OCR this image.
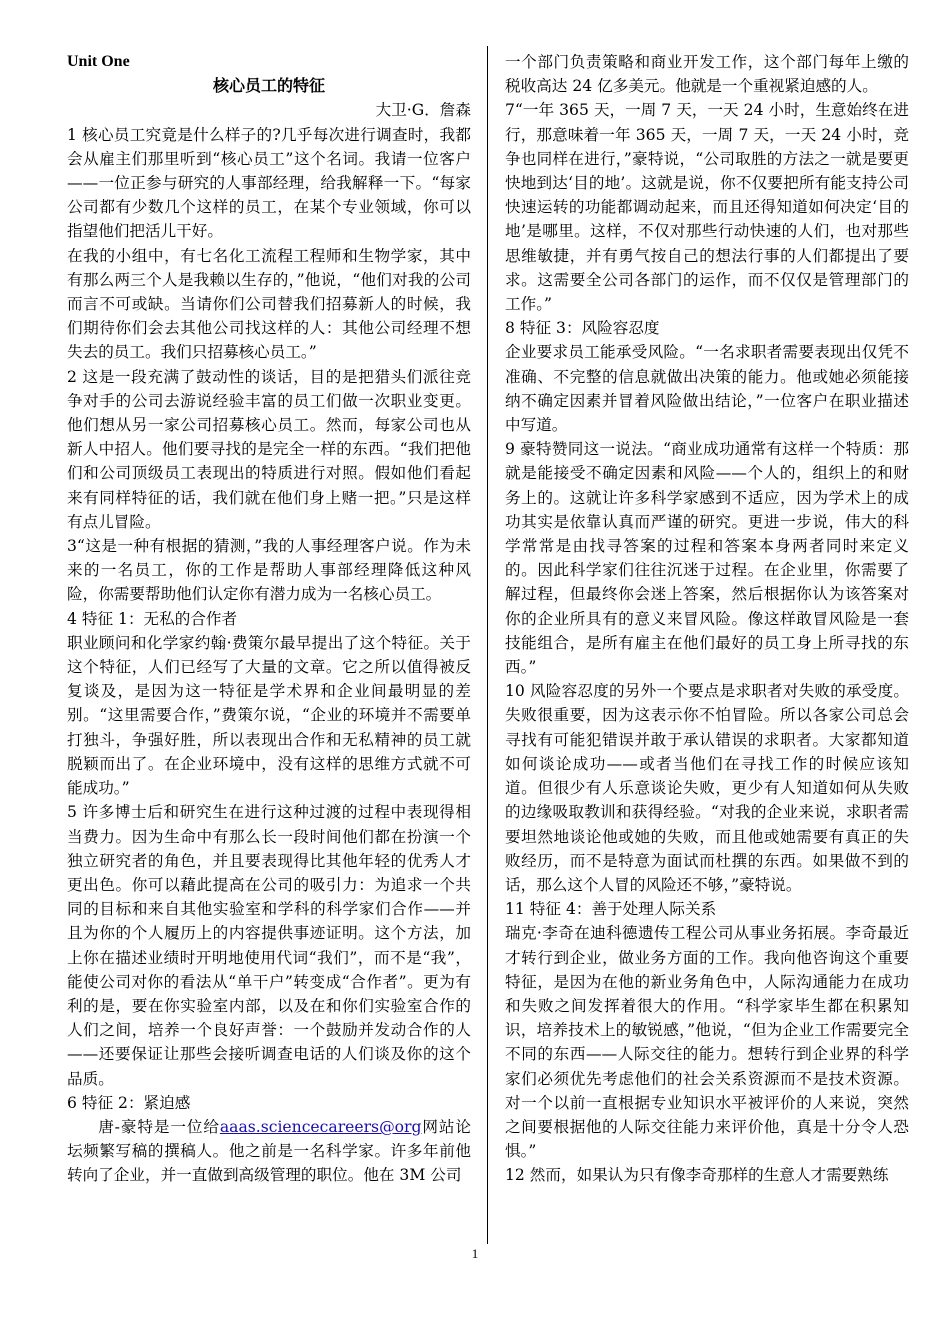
Unit One

核心员工的特征

大卫·G．詹森

1 核心员工究竟是什么样子的?几乎每次进行调查时，我都会从雇主们那里听到“核心员工”这个名词。我请一位客户——一位正参与研究的人事部经理，给我解释一下。“每家公司都有少数几个这样的员工，在某个专业领域，你可以指望他们把活儿干好。

在我的小组中，有七名化工流程工程师和生物学家，其中有那么两三个人是我赖以生存的，”他说，“他们对我的公司而言不可或缺。当请你们公司替我们招募新人的时候，我们期待你们会去其他公司找这样的人：其他公司经理不想失去的员工。我们只招募核心员工。”

2 这是一段充满了鼓动性的谈话，目的是把猎头们派往竞争对手的公司去游说经验丰富的员工们做一次职业变更。他们想从另一家公司招募核心员工。然而，每家公司也从新人中招人。他们要寻找的是完全一样的东西。“我们把他们和公司顶级员工表现出的特质进行对照。假如他们看起来有同样特征的话，我们就在他们身上赌一把。”只是这样有点儿冒险。

3“这是一种有根据的猜测，”我的人事经理客户说。作为未来的一名员工，你的工作是帮助人事部经理降低这种风险，你需要帮助他们认定你有潜力成为一名核心员工。

4 特征 1：无私的合作者

职业顾问和化学家约翰·费策尔最早提出了这个特征。关于这个特征，人们已经写了大量的文章。它之所以值得被反复谈及，是因为这一特征是学术界和企业间最明显的差别。“这里需要合作，”费策尔说，“企业的环境并不需要单打独斗，争强好胜，所以表现出合作和无私精神的员工就脱颖而出了。在企业环境中，没有这样的思维方式就不可能成功。”

5 许多博士后和研究生在进行这种过渡的过程中表现得相当费力。因为生命中有那么长一段时间他们都在扮演一个独立研究者的角色，并且要表现得比其他年轻的优秀人才更出色。你可以藉此提高在公司的吸引力：为追求一个共同的目标和来自其他实验室和学科的科学家们合作——并且为你的个人履历上的内容提供事迹证明。这个方法，加上你在描述业绩时开明地使用代词“我们”，而不是“我”，能使公司对你的看法从“单干户”转变成“合作者”。更为有利的是，要在你实验室内部，以及在和你们实验室合作的人们之间，培养一个良好声誉：一个鼓励并发动合作的人——还要保证让那些会接听调查电话的人们谈及你的这个品质。

6 特征 2：紧迫感

唐-豪特是一位给aaas.sciencecareers@org网站论坛频繁写稿的撰稿人。他之前是一名科学家。许多年前他转向了企业，并一直做到高级管理的职位。他在 3M 公司

一个部门负责策略和商业开发工作，这个部门每年上缴的税收高达 24 亿多美元。他就是一个重视紧迫感的人。

7“一年 365 天，一周 7 天，一天 24 小时，生意始终在进行，那意味着一年 365 天，一周 7 天，一天 24 小时，竞争也同样在进行，”豪特说，“公司取胜的方法之一就是要更快地到达‘目的地’。这就是说，你不仅要把所有能支持公司快速运转的功能都调动起来，而且还得知道如何决定‘目的地’是哪里。这样，不仅对那些行动快速的人们，也对那些思维敏捷，并有勇气按自己的想法行事的人们都提出了要求。这需要全公司各部门的运作，而不仅仅是管理部门的工作。”

8 特征 3：风险容忍度

企业要求员工能承受风险。“一名求职者需要表现出仅凭不准确、不完整的信息就做出决策的能力。他或她必须能接纳不确定因素并冒着风险做出结论，”一位客户在职业描述中写道。

9 豪特赞同这一说法。“商业成功通常有这样一个特质：那就是能接受不确定因素和风险——个人的，组织上的和财务上的。这就让许多科学家感到不适应，因为学术上的成功其实是依靠认真而严谨的研究。更进一步说，伟大的科学常常是由找寻答案的过程和答案本身两者同时来定义的。因此科学家们往往沉迷于过程。在企业里，你需要了解过程，但最终你会迷上答案，然后根据你认为该答案对你的企业所具有的意义来冒风险。像这样敢冒风险是一套技能组合，是所有雇主在他们最好的员工身上所寻找的东西。”

10 风险容忍度的另外一个要点是求职者对失败的承受度。失败很重要，因为这表示你不怕冒险。所以各家公司总会寻找有可能犯错误并敢于承认错误的求职者。大家都知道如何谈论成功——或者当他们在寻找工作的时候应该知道。但很少有人乐意谈论失败，更少有人知道如何从失败的边缘吸取教训和获得经验。“对我的企业来说，求职者需要坦然地谈论他或她的失败，而且他或她需要有真正的失败经历，而不是特意为面试而杜撰的东西。如果做不到的话，那么这个人冒的风险还不够，”豪特说。

11 特征 4：善于处理人际关系

瑞克·李奇在迪科德遗传工程公司从事业务拓展。李奇最近才转行到企业，做业务方面的工作。我向他咨询这个重要特征，是因为在他的新业务角色中，人际沟通能力在成功和失败之间发挥着很大的作用。“科学家毕生都在积累知识，培养技术上的敏锐感，”他说，“但为企业工作需要完全不同的东西——人际交往的能力。想转行到企业界的科学家们必须优先考虑他们的社会关系资源而不是技术资源。对一个以前一直根据专业知识水平被评价的人来说，突然之间要根据他的人际交往能力来评价他，真是十分令人恐惧。”

12 然而，如果认为只有像李奇那样的生意人才需要熟练

1
